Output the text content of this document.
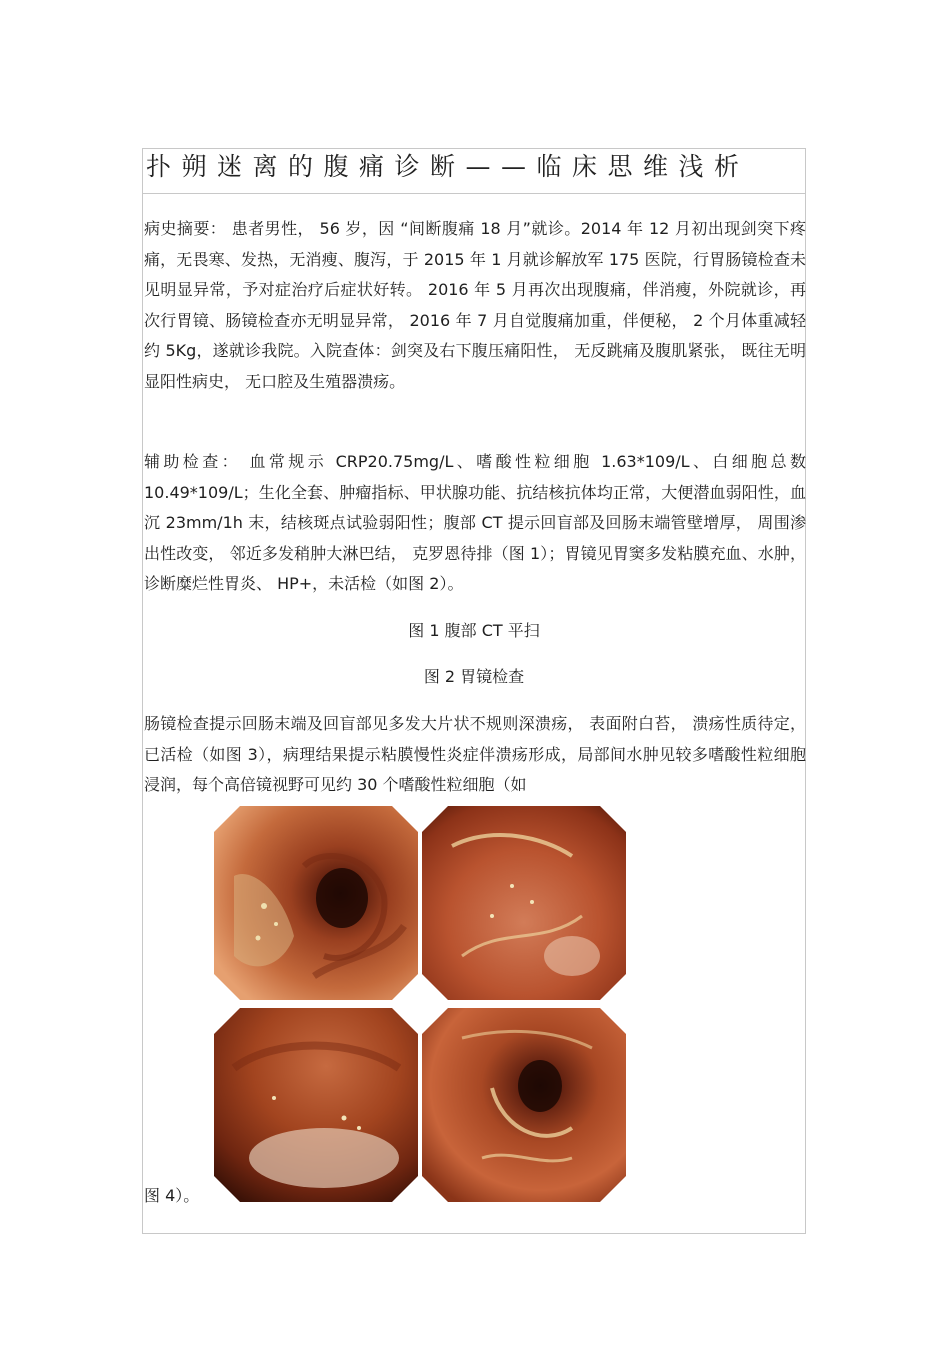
扑朔迷离的腹痛诊断——临床思维浅析

病史摘要： 患者男性， 56 岁，因 “间断腹痛 18 月”就诊。2014 年 12 月初出现剑突下疼痛，无畏寒、发热，无消瘦、腹泻，于 2015 年 1 月就诊解放军 175 医院，行胃肠镜检查未见明显异常，予对症治疗后症状好转。 2016 年 5 月再次出现腹痛，伴消瘦，外院就诊，再次行胃镜、肠镜检查亦无明显异常， 2016 年 7 月自觉腹痛加重，伴便秘， 2 个月体重减轻约 5Kg，遂就诊我院。入院查体：剑突及右下腹压痛阳性， 无反跳痛及腹肌紧张， 既往无明显阳性病史， 无口腔及生殖器溃疡。

辅助检查： 血常规示 CRP20.75mg/L、嗜酸性粒细胞 1.63*109/L、白细胞总数 10.49*109/L；生化全套、肿瘤指标、甲状腺功能、抗结核抗体均正常，大便潜血弱阳性，血沉 23mm/1h 末，结核斑点试验弱阳性；腹部 CT 提示回盲部及回肠末端管壁增厚， 周围渗出性改变， 邻近多发稍肿大淋巴结， 克罗恩待排（图 1）；胃镜见胃窦多发粘膜充血、水肿，诊断糜烂性胃炎、 HP+，未活检（如图 2）。

图 1 腹部 CT 平扫
图 2 胃镜检查

肠镜检查提示回肠末端及回盲部见多发大片状不规则深溃疡， 表面附白苔， 溃疡性质待定，已活检（如图 3），病理结果提示粘膜慢性炎症伴溃疡形成，局部间水肿见较多嗜酸性粒细胞浸润，每个高倍镜视野可见约 30 个嗜酸性粒细胞（如

图 4）。
